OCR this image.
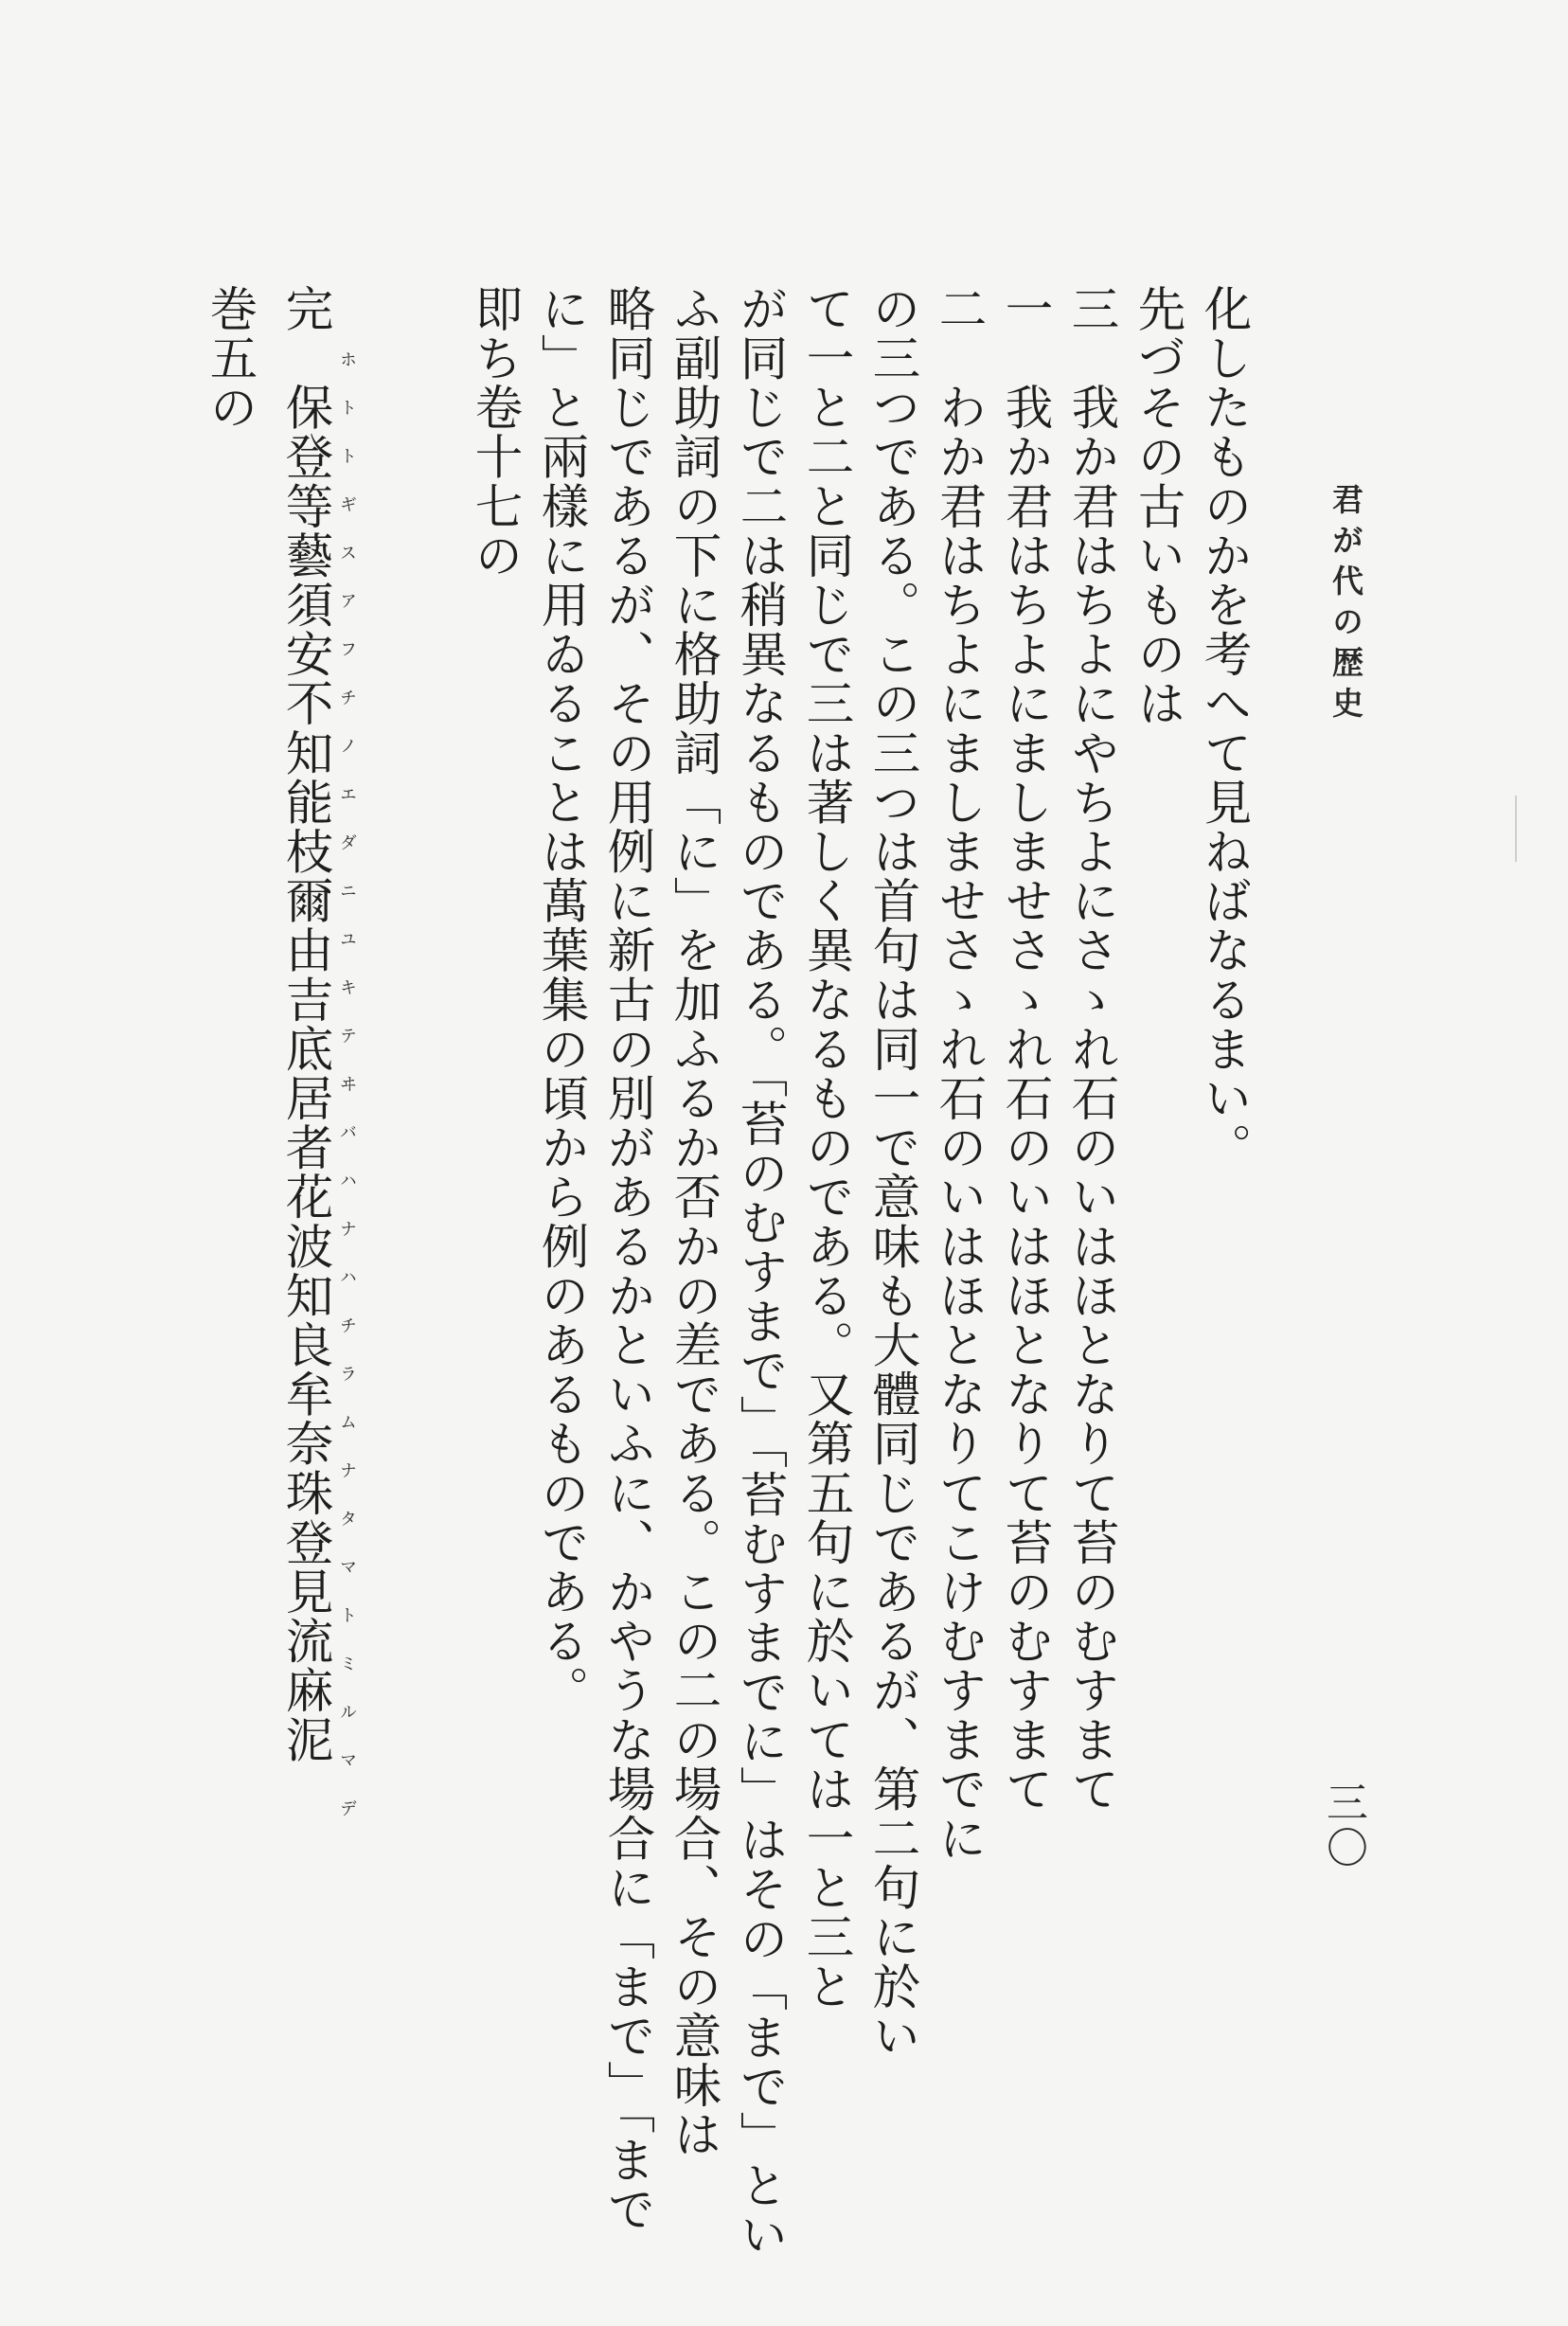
君が代の歴史
三〇
化したものかを考へて見ねばなるまい。
先づその古いものは
三　我か君はちよにやちよにさゝれ石のいはほとなりて苔のむすまて
一　我か君はちよにましませさゝれ石のいはほとなりて苔のむすまて
二　わか君はちよにましませさゝれ石のいはほとなりてこけむすまでに
の三つである。この三つは首句は同一で意味も大體同じであるが、第二句に於い
て一と二と同じで三は著しく異なるものである。又第五句に於いては一と三と
が同じで二は稍異なるものである。「苔のむすまで」「苔むすまでに」はその「まで」とい
ふ副助詞の下に格助詞「に」を加ふるか否かの差である。この二の場合、その意味は
略同じであるが、その用例に新古の別があるかといふに、かやうな場合に「まで」「まで
に」と兩樣に用ゐることは萬葉集の頃から例のあるものである。
即ち卷十七の
完　保登等藝須安不知能枝爾由吉底居者花波知良牟奈珠登見流麻泥 ホトトギスアフチノエダニユキテヰバハナハチラムナタマトミルマデ
巻五の
